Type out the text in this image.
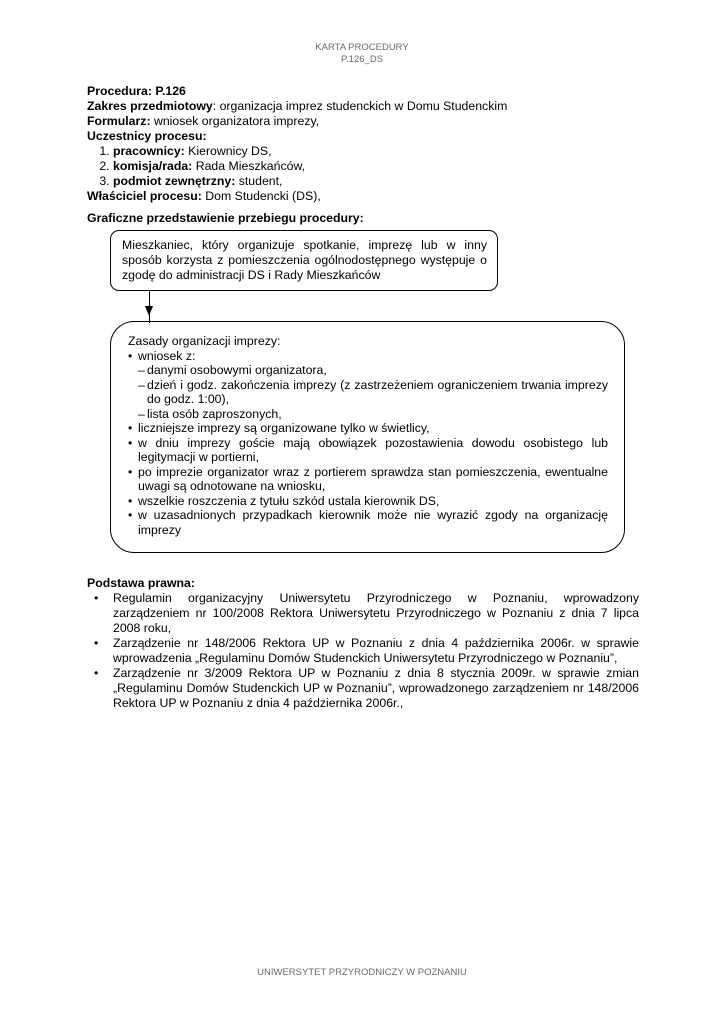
KARTA PROCEDURY
P.126_DS
Procedura: P.126
Zakres przedmiotowy: organizacja imprez studenckich w Domu Studenckim
Formularz: wniosek organizatora imprezy,
Uczestnicy procesu:
1. pracownicy: Kierownicy DS,
2. komisja/rada: Rada Mieszkańców,
3. podmiot zewnętrzny: student,
Właściciel procesu: Dom Studencki (DS),
Graficzne przedstawienie przebiegu procedury:
Mieszkaniec, który organizuje spotkanie, imprezę lub w inny sposób korzysta z pomieszczenia ogólnodostępnego występuje o zgodę do administracji DS i Rady Mieszkańców
Zasady organizacji imprezy:
• wniosek z:
– danymi osobowymi organizatora,
– dzień i godz. zakończenia imprezy (z zastrzeżeniem ograniczeniem trwania imprezy do godz. 1:00),
– lista osób zaproszonych,
• liczniejsze imprezy są organizowane tylko w świetlicy,
• w dniu imprezy goście mają obowiązek pozostawienia dowodu osobistego lub legitymacji w portierni,
• po imprezie organizator wraz z portierem sprawdza stan pomieszczenia, ewentualne uwagi są odnotowane na wniosku,
• wszelkie roszczenia z tytułu szkód ustala kierownik DS,
• w uzasadnionych przypadkach kierownik może nie wyrazić zgody na organizację imprezy
Podstawa prawna:
• Regulamin organizacyjny Uniwersytetu Przyrodniczego w Poznaniu, wprowadzony zarządzeniem nr 100/2008 Rektora Uniwersytetu Przyrodniczego w Poznaniu z dnia 7 lipca 2008 roku,
• Zarządzenie nr 148/2006 Rektora UP w Poznaniu z dnia 4 października 2006r. w sprawie wprowadzenia „Regulaminu Domów Studenckich Uniwersytetu Przyrodniczego w Poznaniu”,
• Zarządzenie nr 3/2009 Rektora UP w Poznaniu z dnia 8 stycznia 2009r. w sprawie zmian „Regulaminu Domów Studenckich UP w Poznaniu”, wprowadzonego zarządzeniem nr 148/2006 Rektora UP w Poznaniu z dnia 4 października 2006r.,
UNIWERSYTET PRZYRODNICZY W POZNANIU
